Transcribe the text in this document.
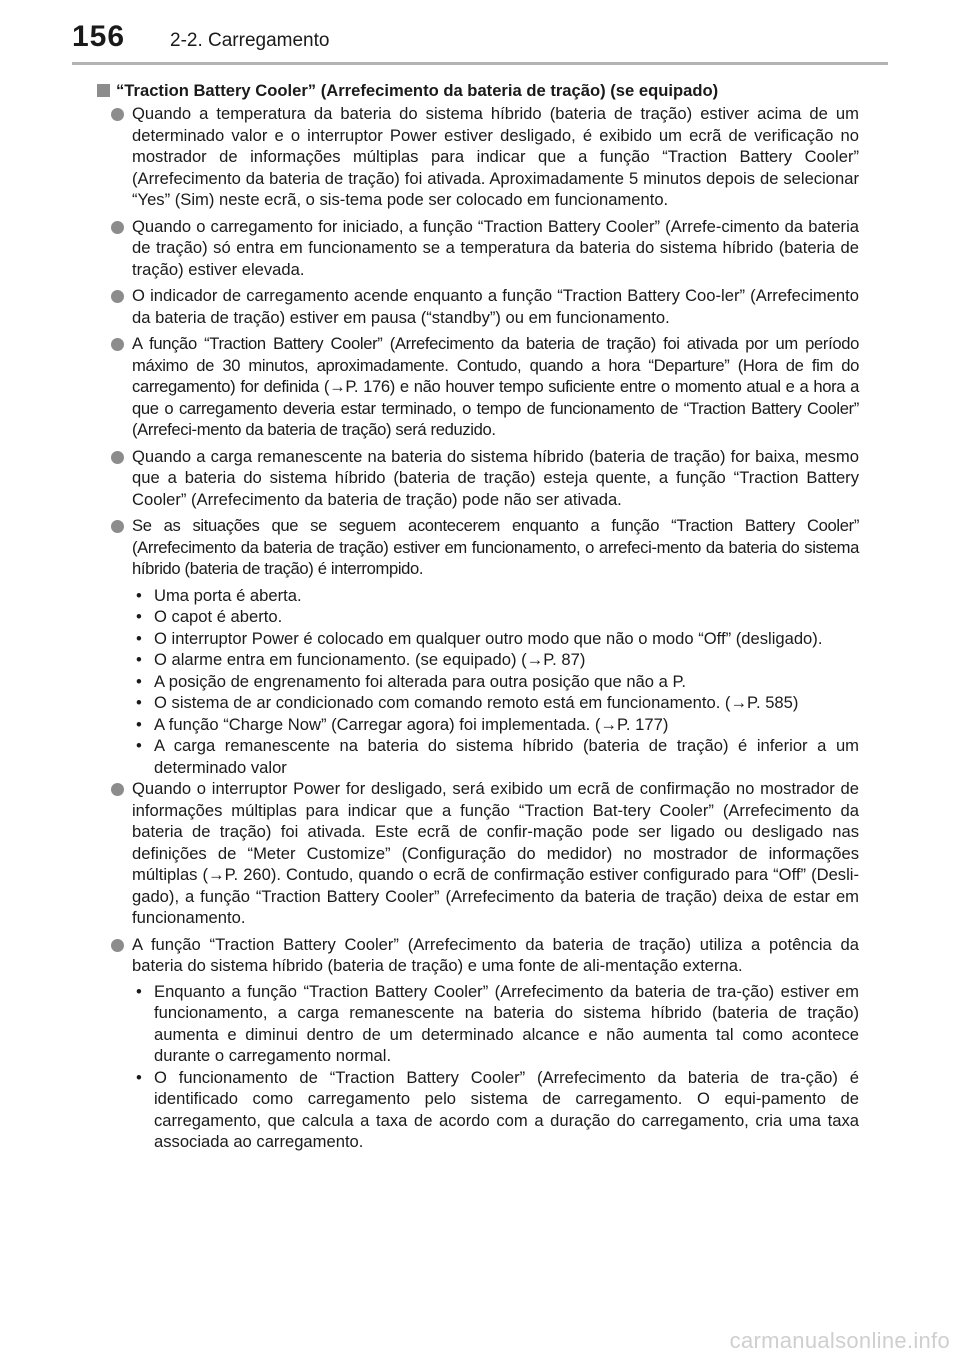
156 2-2. Carregamento
“Traction Battery Cooler” (Arrefecimento da bateria de tração) (se equipado)
Quando a temperatura da bateria do sistema híbrido (bateria de tração) estiver acima de um determinado valor e o interruptor Power estiver desligado, é exibido um ecrã de verificação no mostrador de informações múltiplas para indicar que a função “Traction Battery Cooler” (Arrefecimento da bateria de tração) foi ativada. Aproximadamente 5 minutos depois de selecionar “Yes” (Sim) neste ecrã, o sis-tema pode ser colocado em funcionamento.
Quando o carregamento for iniciado, a função “Traction Battery Cooler” (Arrefe-cimento da bateria de tração) só entra em funcionamento se a temperatura da bateria do sistema híbrido (bateria de tração) estiver elevada.
O indicador de carregamento acende enquanto a função “Traction Battery Coo-ler” (Arrefecimento da bateria de tração) estiver em pausa (“standby”) ou em funcionamento.
A função “Traction Battery Cooler” (Arrefecimento da bateria de tração) foi ativada por um período máximo de 30 minutos, aproximadamente. Contudo, quando a hora “Departure” (Hora de fim do carregamento) for definida (→P. 176) e não houver tempo suficiente entre o momento atual e a hora a que o carregamento deveria estar terminado, o tempo de funcionamento de “Traction Battery Cooler” (Arrefeci-mento da bateria de tração) será reduzido.
Quando a carga remanescente na bateria do sistema híbrido (bateria de tração) for baixa, mesmo que a bateria do sistema híbrido (bateria de tração) esteja quente, a função “Traction Battery Cooler” (Arrefecimento da bateria de tração) pode não ser ativada.
Se as situações que se seguem acontecerem enquanto a função “Traction Battery Cooler” (Arrefecimento da bateria de tração) estiver em funcionamento, o arrefeci-mento da bateria do sistema híbrido (bateria de tração) é interrompido.
• Uma porta é aberta.
• O capot é aberto.
• O interruptor Power é colocado em qualquer outro modo que não o modo “Off” (desligado).
• O alarme entra em funcionamento. (se equipado) (→P. 87)
• A posição de engrenamento foi alterada para outra posição que não a P.
• O sistema de ar condicionado com comando remoto está em funcionamento. (→P. 585)
• A função “Charge Now” (Carregar agora) foi implementada. (→P. 177)
• A carga remanescente na bateria do sistema híbrido (bateria de tração) é inferior a um determinado valor
Quando o interruptor Power for desligado, será exibido um ecrã de confirmação no mostrador de informações múltiplas para indicar que a função “Traction Bat-tery Cooler” (Arrefecimento da bateria de tração) foi ativada. Este ecrã de confir-mação pode ser ligado ou desligado nas definições de “Meter Customize” (Configuração do medidor) no mostrador de informações múltiplas (→P. 260). Contudo, quando o ecrã de confirmação estiver configurado para “Off” (Desli-gado), a função “Traction Battery Cooler” (Arrefecimento da bateria de tração) deixa de estar em funcionamento.
A função “Traction Battery Cooler” (Arrefecimento da bateria de tração) utiliza a potência da bateria do sistema híbrido (bateria de tração) e uma fonte de ali-mentação externa.
• Enquanto a função “Traction Battery Cooler” (Arrefecimento da bateria de tra-ção) estiver em funcionamento, a carga remanescente na bateria do sistema híbrido (bateria de tração) aumenta e diminui dentro de um determinado alcance e não aumenta tal como acontece durante o carregamento normal.
• O funcionamento de “Traction Battery Cooler” (Arrefecimento da bateria de tra-ção) é identificado como carregamento pelo sistema de carregamento. O equi-pamento de carregamento, que calcula a taxa de acordo com a duração do carregamento, cria uma taxa associada ao carregamento.
carmanualsonline.info
